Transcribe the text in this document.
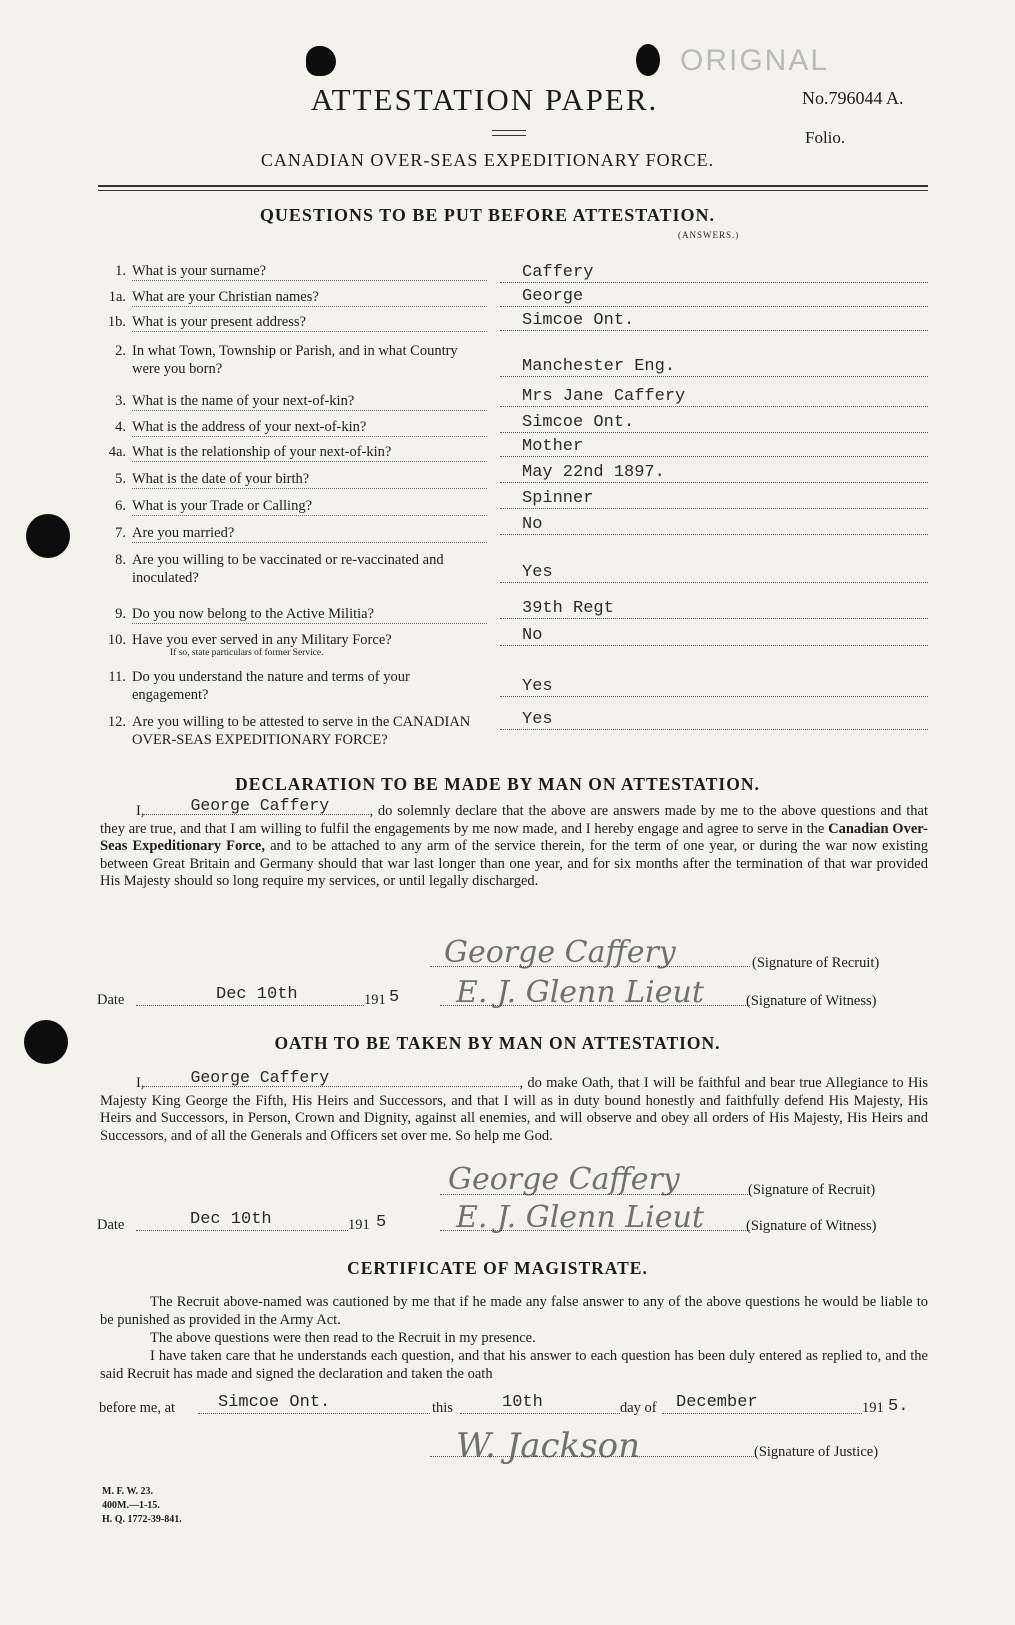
ORIGNAL
ATTESTATION PAPER.	No.796044 A.
Folio.
CANADIAN OVER-SEAS EXPEDITIONARY FORCE.
QUESTIONS TO BE PUT BEFORE ATTESTATION.
(ANSWERS.)
1. What is your surname?	Caffery
1a. What are your Christian names?	George
1b. What is your present address?	Simcoe Ont.
2. In what Town, Township or Parish, and in what Country were you born?	Manchester Eng.
3. What is the name of your next-of-kin?	Mrs Jane Caffery
4. What is the address of your next-of-kin?	Simcoe Ont.
4a. What is the relationship of your next-of-kin?	Mother
5. What is the date of your birth?	May 22nd 1897.
6. What is your Trade or Calling?	Spinner
7. Are you married?	No
8. Are you willing to be vaccinated or re-vaccinated and inoculated?	Yes
9. Do you now belong to the Active Militia?	39th Regt
10. Have you ever served in any Military Force?
If so, state particulars of former Service.
No
11. Do you understand the nature and terms of your engagement?	Yes
12. Are you willing to be attested to serve in the CANADIAN OVER-SEAS EXPEDITIONARY FORCE?
Yes
DECLARATION TO BE MADE BY MAN ON ATTESTATION.
I,	George Caffery	, do solemnly declare that the above are answers made by me to the above questions and that they are true, and that I am willing to fulfil the engagements by me now made, and I hereby engage and agree to serve in the Canadian Over-Seas Expeditionary Force, and to be attached to any arm of the service therein, for the term of one year, or during the war now existing between Great Britain and Germany should that war last longer than one year, and for six months after the termination of that war provided His Majesty should so long require my services, or until legally discharged.
George Caffery	(Signature of Recruit)
Date	Dec 10th	191 5 E. J. Glenn Lieut	(Signature of Witness)
OATH TO BE TAKEN BY MAN ON ATTESTATION.
I,	George Caffery	, do make Oath, that I will be faithful and bear true Allegiance to His Majesty King George the Fifth, His Heirs and Successors, and that I will as in duty bound honestly and faithfully defend His Majesty, His Heirs and Successors, in Person, Crown and Dignity, against all enemies, and will observe and obey all orders of His Majesty, His Heirs and Successors, and of all the Generals and Officers set over me. So help me God.
George Caffery	(Signature of Recruit)
Date	Dec 10th	191 5 E. J. Glenn Lieut	(Signature of Witness)
CERTIFICATE OF MAGISTRATE.
The Recruit above-named was cautioned by me that if he made any false answer to any of the above questions he would be liable to be punished as provided in the Army Act.
The above questions were then read to the Recruit in my presence.
I have taken care that he understands each question, and that his answer to each question has been duly entered as replied to, and the said Recruit has made and signed the declaration and taken the oath
before me, at	Simcoe Ont.	this	10th	day of December	191 5.
W. Jackson	(Signature of Justice)
M. F. W. 23.
400M.—1-15.
H. Q. 1772-39-841.
